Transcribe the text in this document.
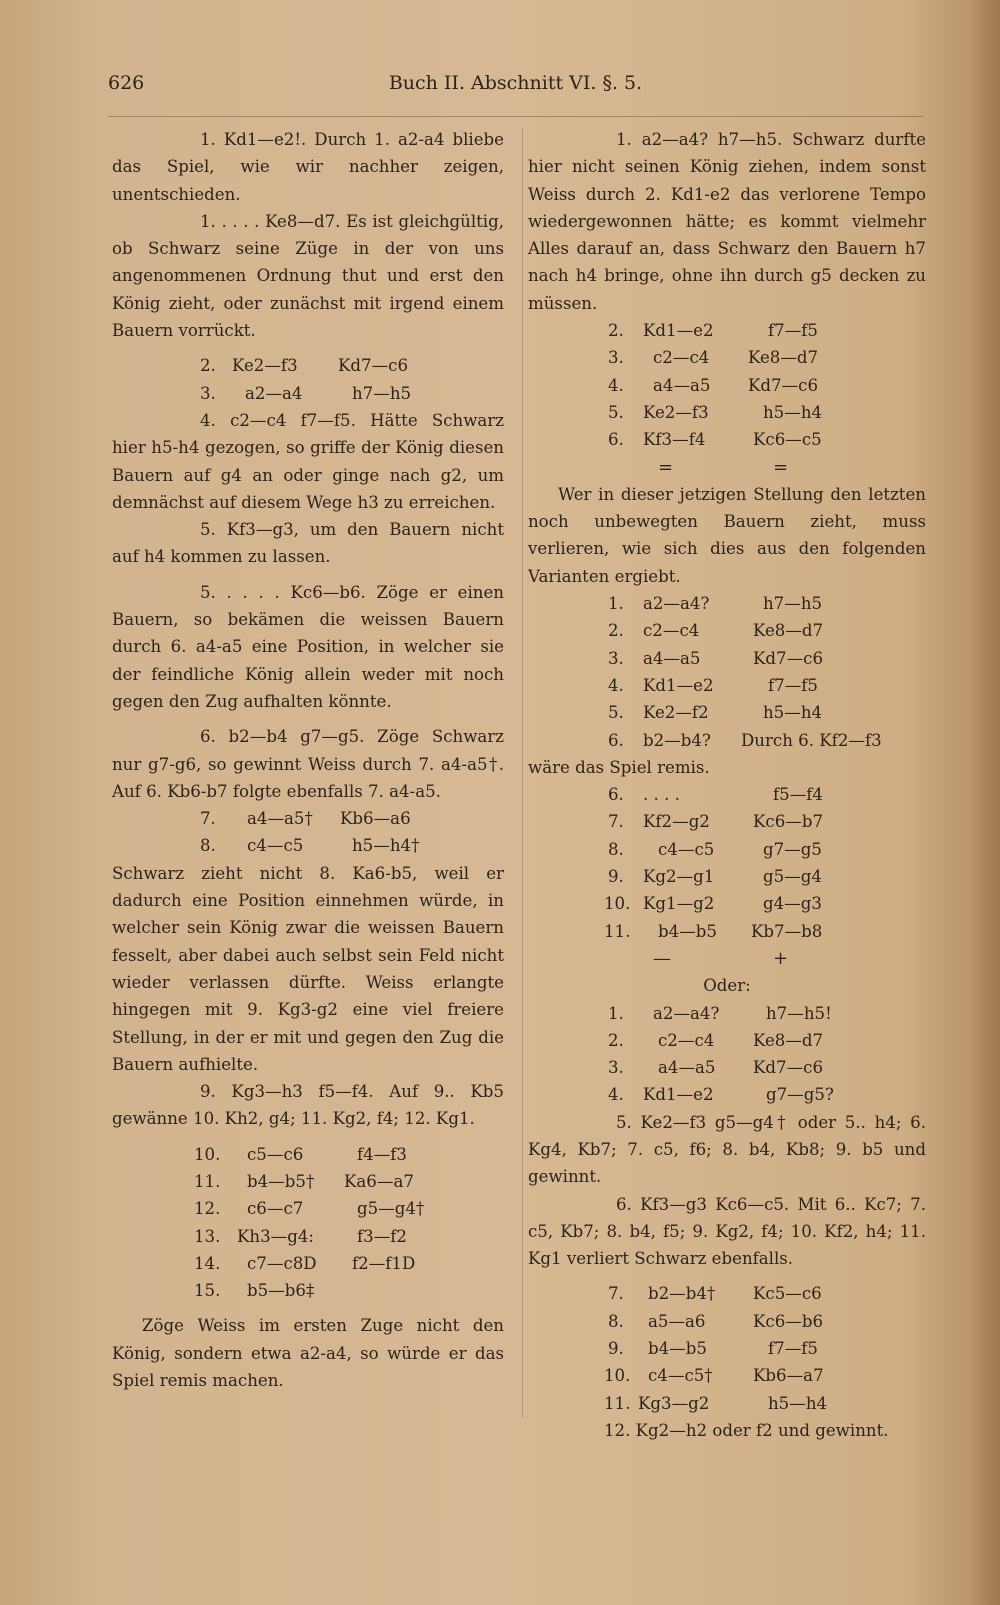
626	Buch II. Abschnitt VI. §. 5.

1. Kd1—e2!. Durch 1. a2-a4 bliebe das Spiel, wie wir nachher zeigen, unentschieden.

1. . . . . Ke8—d7. Es ist gleichgültig, ob Schwarz seine Züge in der von uns angenommenen Ordnung thut und erst den König zieht, oder zunächst mit irgend einem Bauern vorrückt.

2. Ke2—f3 Kd7—c6
3. a2—a4	h7—h5

4. c2—c4 f7—f5. Hätte Schwarz hier h5-h4 gezogen, so griffe der König diesen Bauern auf g4 an oder ginge nach g2, um demnächst auf diesem Wege h3 zu erreichen.

5. Kf3—g3, um den Bauern nicht auf h4 kommen zu lassen.

5. . . . . Kc6—b6. Zöge er einen Bauern, so bekämen die weissen Bauern durch 6. a4-a5 eine Position, in welcher sie der feindliche König allein weder mit noch gegen den Zug aufhalten könnte.

6. b2—b4 g7—g5. Zöge Schwarz nur g7-g6, so gewinnt Weiss durch 7. a4-a5†. Auf 6. Kb6-b7 folgte ebenfalls 7. a4-a5.

7. a4—a5† Kb6—a6
8. c4—c5	h5—h4†

Schwarz zieht nicht 8. Ka6-b5, weil er dadurch eine Position einnehmen würde, in welcher sein König zwar die weissen Bauern fesselt, aber dabei auch selbst sein Feld nicht wieder verlassen dürfte. Weiss erlangte hingegen mit 9. Kg3-g2 eine viel freiere Stellung, in der er mit und gegen den Zug die Bauern aufhielte.

9. Kg3—h3 f5—f4. Auf 9.. Kb5 gewänne 10. Kh2, g4; 11. Kg2, f4; 12. Kg1.

10. c5—c6	f4—f3
11. b4—b5† Ka6—a7
12. c6—c7	g5—g4†
13. Kh3—g4:	f3—f2
14. c7—c8D f2—f1D
15. b5—b6‡

Zöge Weiss im ersten Zuge nicht den König, sondern etwa a2-a4, so würde er das Spiel remis machen.

1. a2—a4? h7—h5. Schwarz durfte hier nicht seinen König ziehen, indem sonst Weiss durch 2. Kd1-e2 das verlorene Tempo wiedergewonnen hätte; es kommt vielmehr Alles darauf an, dass Schwarz den Bauern h7 nach h4 bringe, ohne ihn durch g5 decken zu müssen.

2. Kd1—e2	f7—f5
3. c2—c4 Ke8—d7
4. a4—a5 Kd7—c6
5. Ke2—f3	h5—h4
6. Kf3—f4	Kc6—c5
=	=

Wer in dieser jetzigen Stellung den letzten noch unbewegten Bauern zieht, muss verlieren, wie sich dies aus den folgenden Varianten ergiebt.

1. a2—a4?	h7—h5
2. c2—c4	Ke8—d7
3. a4—a5	Kd7—c6
4. Kd1—e2	f7—f5
5. Ke2—f2	h5—h4
6. b2—b4? Durch 6. Kf2—f3

wäre das Spiel remis.

6. . . . .	f5—f4
7. Kf2—g2	Kc6—b7
8. c4—c5	g7—g5
9. Kg2—g1	g5—g4
10. Kg1—g2	g4—g3
11. b4—b5 Kb7—b8
—	+
Oder:
1. a2—a4?	h7—h5!
2. c2—c4 Ke8—d7
3. a4—a5 Kd7—c6
4. Kd1—e2	g7—g5?

5. Ke2—f3 g5—g4† oder 5.. h4; 6. Kg4, Kb7; 7. c5, f6; 8. b4, Kb8; 9. b5 und gewinnt.

6. Kf3—g3 Kc6—c5. Mit 6.. Kc7; 7. c5, Kb7; 8. b4, f5; 9. Kg2, f4; 10. Kf2, h4; 11. Kg1 verliert Schwarz ebenfalls.

7. b2—b4† Kc5—c6
8. a5—a6	Kc6—b6
9. b4—b5	f7—f5
10. c4—c5† Kb6—a7
11. Kg3—g2	h5—h4
12. Kg2—h2 oder f2 und gewinnt.
